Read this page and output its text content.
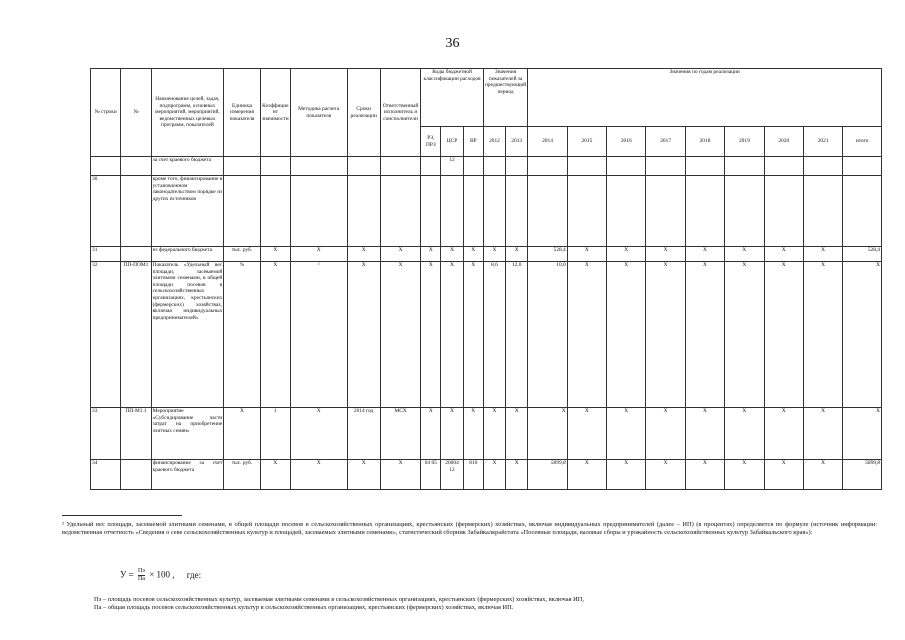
36
№ строки	№	Наименование целей, задач, подпрограмм, основных мероприятий, мероприятий, ведомственных целевых программ, показателей	Единица измерения показателя	Коэффициент значимости	Методика расчета показателя	Сроки реализации	Ответственный исполнитель и соисполнители	Коды бюджетной классификации расходов			Значения показателей за предшествующий период		Значения по годам реализации								
								РЗ, ПРЗ	ЦСР	ВР	2012	2013	2014	2015	2016	2017	2018	2019	2020	2021	итого
		за счет краевого бюджета							12												
30		кроме того, финансирование в установленном законодательством порядке из других источников																			
31		из федерального бюджета	тыс. руб.	Х	Х	Х	Х	Х	Х	Х	Х	Х	528,4	Х	Х	Х	Х	Х	Х	Х	528,4
32	ПП-ПОМ1	Показатель «Удельный вес площади, засеваемой элитными семенами, в общей площади посевов в сельскохозяйственных организациях, крестьянских (фермерских) хозяйствах, включая индивидуальных предпринимателей»	%	Х	²	Х	Х	Х	Х	Х	8,6	12,0	10,0	Х	Х	Х	Х	Х	Х	Х	Х
33	ПП-М1.1	Мероприятие «Субсидирование части затрат на приобретение элитных семян»	Х	1	Х	2014 год	МСХ	Х	Х	Х	Х	Х	Х	Х	Х	Х	Х	Х	Х	Х	Х
34		финансирование за счет краевого бюджета	тыс. руб.	Х	Х	Х	Х	04 05	26004 12	810	Х	Х	5899,8	Х	Х	Х	Х	Х	Х	Х	5899,8
² Удельный вес площади, засеваемой элитными семенами, в общей площади посевов в сельскохозяйственных организациях, крестьянских (фермерских) хозяйствах, включая индивидуальных предпринимателей (далее – ИП) (в процентах) определяется по формуле (источник информации: ведомственная отчетность «Сведения о севе сельскохозяйственных культур и площадей, засеваемых элитными семенами», статистический сборник Забайкалкрайстата «Посевные площади, валовые сборы и урожайность сельскохозяйственных культур Забайкальского края»):
$У = \frac{Пэ}{Па} \times 100$ , где:
Пэ – площадь посевов сельскохозяйственных культур, засеваемая элитными семенами в сельскохозяйственных организациях, крестьянских (фермерских) хозяйствах, включая ИП,
Па – общая площадь посевов сельскохозяйственных культур в сельскохозяйственных организациях, крестьянских (фермерских) хозяйствах, включая ИП.
